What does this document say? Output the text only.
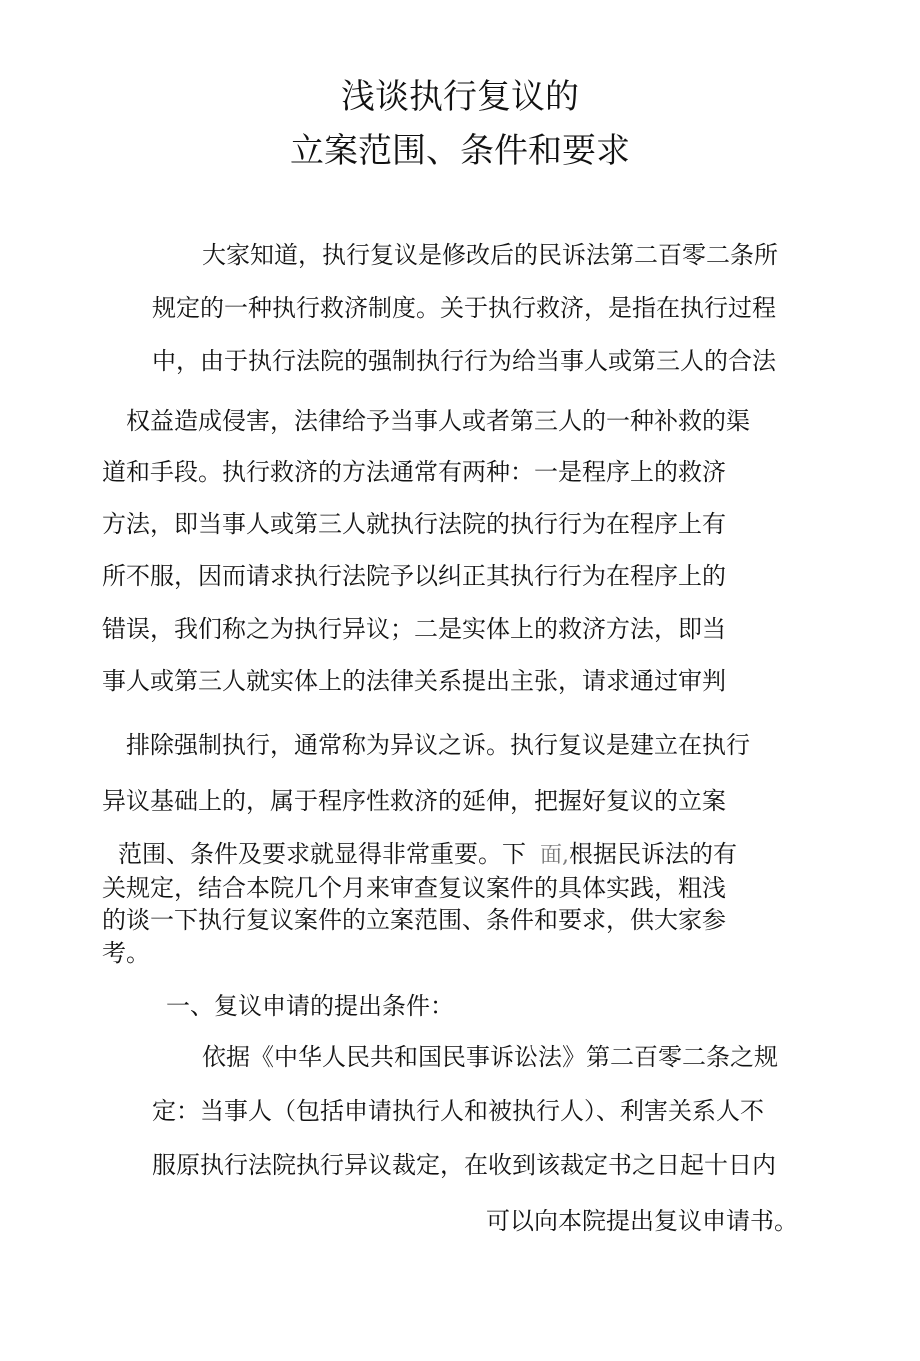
浅谈执行复议的
立案范围、条件和要求
大家知道，执行复议是修改后的民诉法第二百零二条所
规定的一种执行救济制度。关于执行救济，是指在执行过程
中，由于执行法院的强制执行行为给当事人或第三人的合法
权益造成侵害，法律给予当事人或者第三人的一种补救的渠
道和手段。执行救济的方法通常有两种：一是程序上的救济
方法，即当事人或第三人就执行法院的执行行为在程序上有
所不服，因而请求执行法院予以纠正其执行行为在程序上的
错误，我们称之为执行异议；二是实体上的救济方法，即当
事人或第三人就实体上的法律关系提出主张，请求通过审判
排除强制执行，通常称为异议之诉。执行复议是建立在执行
异议基础上的，属于程序性救济的延伸，把握好复议的立案
范围、条件及要求就显得非常重要。下 面,根据民诉法的有
关规定，结合本院几个月来审查复议案件的具体实践，粗浅
的谈一下执行复议案件的立案范围、条件和要求，供大家参
考。
一、复议申请的提出条件：
依据《中华人民共和国民事诉讼法》第二百零二条之规
定：当事人（包括申请执行人和被执行人）、利害关系人不
服原执行法院执行异议裁定，在收到该裁定书之日起十日内
可以向本院提出复议申请书。
